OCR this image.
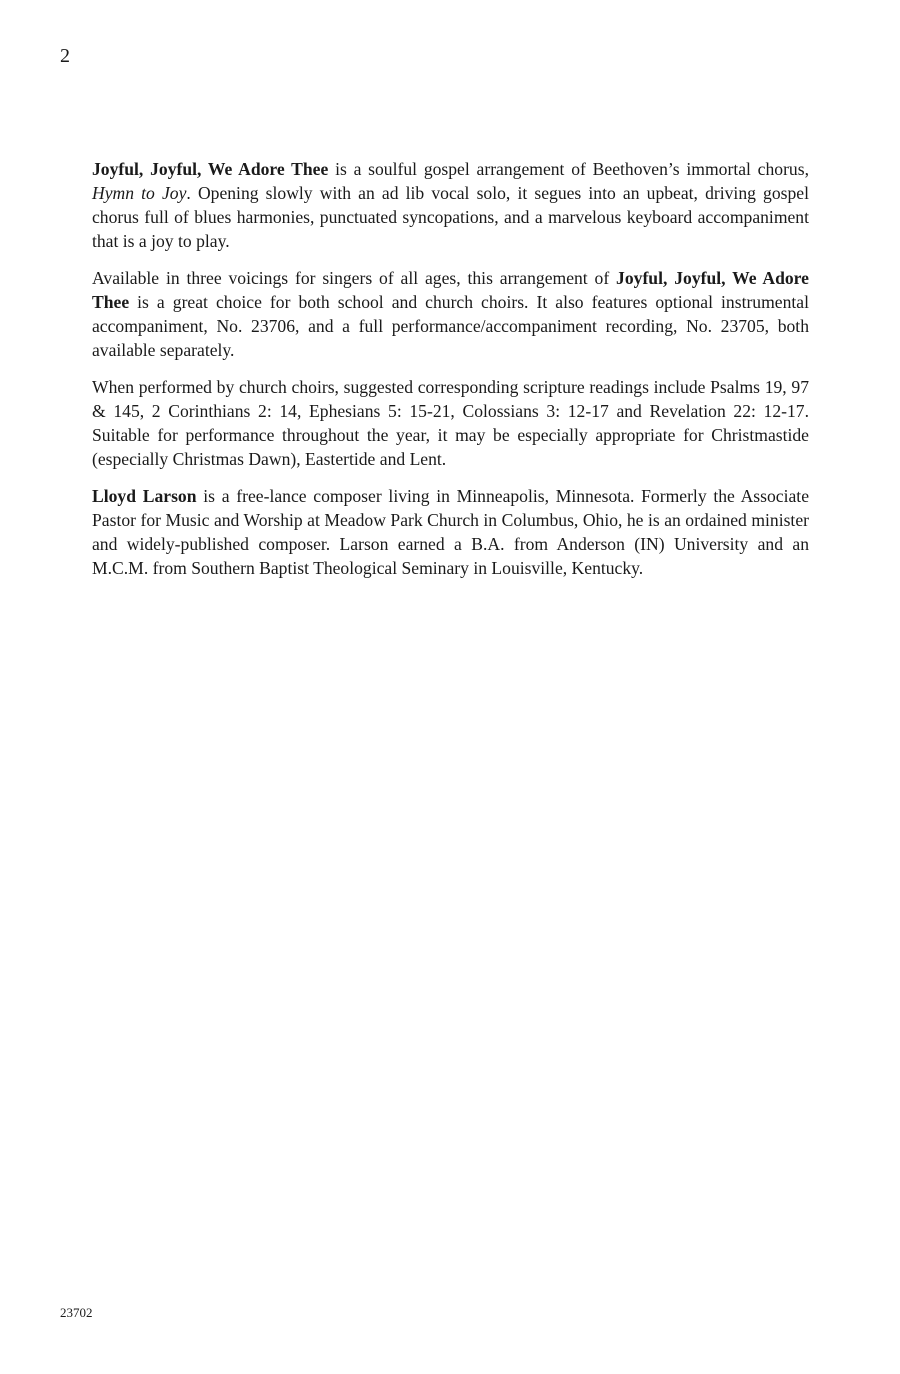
2

Joyful, Joyful, We Adore Thee is a soulful gospel arrangement of Beethoven’s immortal chorus, Hymn to Joy. Opening slowly with an ad lib vocal solo, it segues into an upbeat, driving gospel chorus full of blues harmonies, punctuated syncopations, and a marvelous keyboard accompaniment that is a joy to play.

Available in three voicings for singers of all ages, this arrangement of Joyful, Joyful, We Adore Thee is a great choice for both school and church choirs. It also features optional instrumental accompaniment, No. 23706, and a full performance/accompaniment recording, No. 23705, both available separately.

When performed by church choirs, suggested corresponding scripture readings include Psalms 19, 97 & 145, 2 Corinthians 2: 14, Ephesians 5: 15-21, Colossians 3: 12-17 and Revelation 22: 12-17. Suitable for performance throughout the year, it may be especially appropriate for Christmastide (especially Christmas Dawn), Eastertide and Lent.

Lloyd Larson is a free-lance composer living in Minneapolis, Minnesota. Formerly the Associate Pastor for Music and Worship at Meadow Park Church in Columbus, Ohio, he is an ordained minister and widely-published composer. Larson earned a B.A. from Anderson (IN) University and an M.C.M. from Southern Baptist Theological Seminary in Louisville, Kentucky.

23702
